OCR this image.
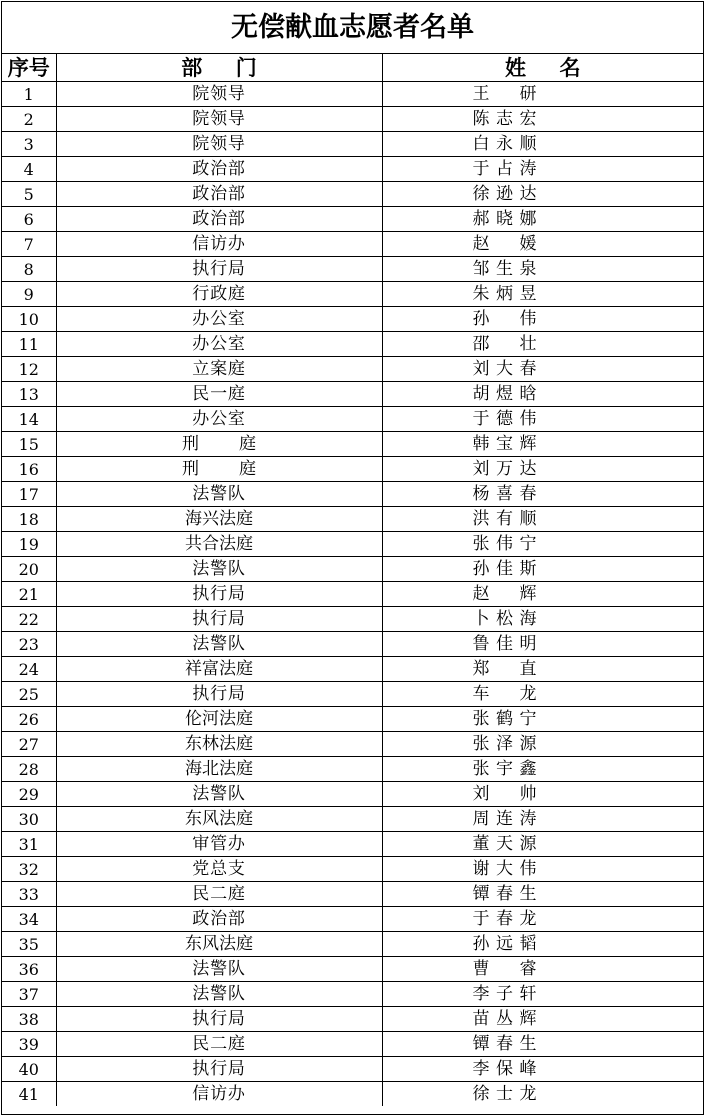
无偿献血志愿者名单
序号	部门	姓名
1	院领导	王研
2	院领导	陈志宏
3	院领导	白永顺
4	政治部	于占涛
5	政治部	徐逊达
6	政治部	郝晓娜
7	信访办	赵媛
8	执行局	邹生泉
9	行政庭	朱炳昱
10	办公室	孙伟
11	办公室	邵壮
12	立案庭	刘大春
13	民一庭	胡煜晗
14	办公室	于德伟
15	刑庭	韩宝辉
16	刑庭	刘万达
17	法警队	杨喜春
18	海兴法庭	洪有顺
19	共合法庭	张伟宁
20	法警队	孙佳斯
21	执行局	赵辉
22	执行局	卜松海
23	法警队	鲁佳明
24	祥富法庭	郑直
25	执行局	车龙
26	伦河法庭	张鹤宁
27	东林法庭	张泽源
28	海北法庭	张宇鑫
29	法警队	刘帅
30	东风法庭	周连涛
31	审管办	董天源
32	党总支	谢大伟
33	民二庭	镡春生
34	政治部	于春龙
35	东风法庭	孙远韬
36	法警队	曹睿
37	法警队	李子轩
38	执行局	苗丛辉
39	民二庭	镡春生
40	执行局	李保峰
41	信访办	徐士龙
